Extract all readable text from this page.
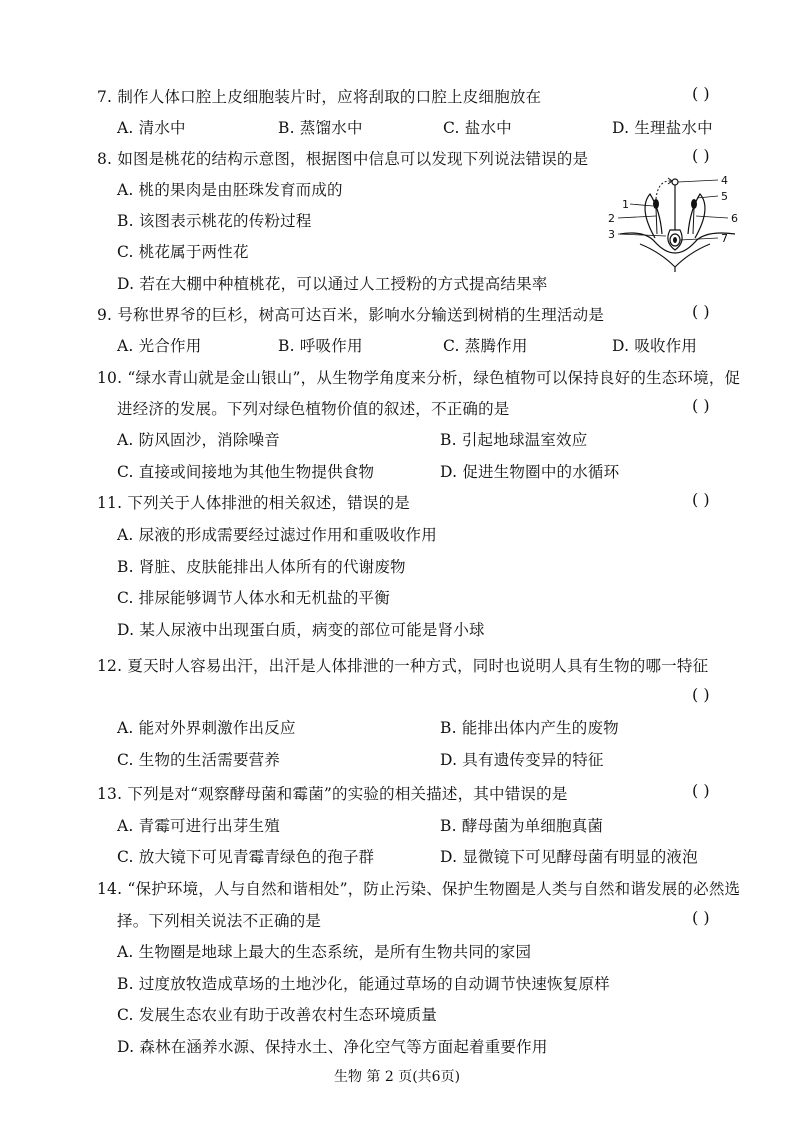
7. 制作人体口腔上皮细胞装片时，应将刮取的口腔上皮细胞放在	( )
A. 清水中	B. 蒸馏水中	C. 盐水中	D. 生理盐水中
8. 如图是桃花的结构示意图，根据图中信息可以发现下列说法错误的是	( )
A. 桃的果肉是由胚珠发育而成的
B. 该图表示桃花的传粉过程
C. 桃花属于两性花
D. 若在大棚中种植桃花，可以通过人工授粉的方式提高结果率
1
2
3
4
5
6
7
9. 号称世界爷的巨杉，树高可达百米，影响水分输送到树梢的生理活动是	( )
A. 光合作用	B. 呼吸作用	C. 蒸腾作用	D. 吸收作用
10. “绿水青山就是金山银山”，从生物学角度来分析，绿色植物可以保持良好的生态环境，促
进经济的发展。下列对绿色植物价值的叙述，不正确的是	( )
A. 防风固沙，消除噪音	B. 引起地球温室效应
C. 直接或间接地为其他生物提供食物	D. 促进生物圈中的水循环
11. 下列关于人体排泄的相关叙述，错误的是	( )
A. 尿液的形成需要经过滤过作用和重吸收作用
B. 肾脏、皮肤能排出人体所有的代谢废物
C. 排尿能够调节人体水和无机盐的平衡
D. 某人尿液中出现蛋白质，病变的部位可能是肾小球
12. 夏天时人容易出汗，出汗是人体排泄的一种方式，同时也说明人具有生物的哪一特征
( )
A. 能对外界刺激作出反应	B. 能排出体内产生的废物
C. 生物的生活需要营养	D. 具有遗传变异的特征
13. 下列是对“观察酵母菌和霉菌”的实验的相关描述，其中错误的是	( )
A. 青霉可进行出芽生殖	B. 酵母菌为单细胞真菌
C. 放大镜下可见青霉青绿色的孢子群	D. 显微镜下可见酵母菌有明显的液泡
14. “保护环境，人与自然和谐相处”，防止污染、保护生物圈是人类与自然和谐发展的必然选
择。下列相关说法不正确的是	( )
A. 生物圈是地球上最大的生态系统，是所有生物共同的家园
B. 过度放牧造成草场的土地沙化，能通过草场的自动调节快速恢复原样
C. 发展生态农业有助于改善农村生态环境质量
D. 森林在涵养水源、保持水土、净化空气等方面起着重要作用
生物 第 2 页(共6页)
